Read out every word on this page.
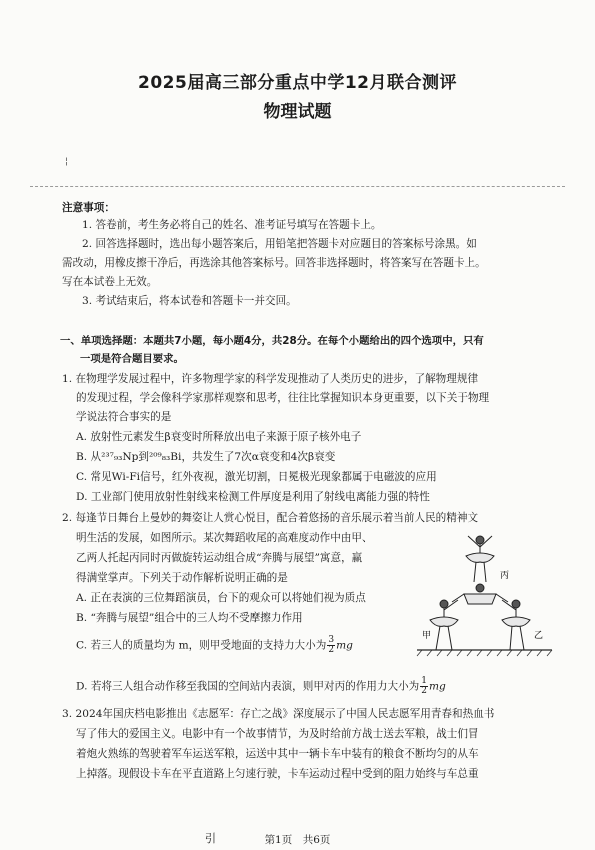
2025届高三部分重点中学12月联合测评
物理试题
¦
注意事项：
1. 答卷前，考生务必将自己的姓名、准考证号填写在答题卡上。
2. 回答选择题时，选出每小题答案后，用铅笔把答题卡对应题目的答案标号涂黑。如
需改动，用橡皮擦干净后，再选涂其他答案标号。回答非选择题时，将答案写在答题卡上。
写在本试卷上无效。
3. 考试结束后，将本试卷和答题卡一并交回。
一、单项选择题：本题共7小题，每小题4分，共28分。在每个小题给出的四个选项中，只有
一项是符合题目要求。
1. 在物理学发展过程中，许多物理学家的科学发现推动了人类历史的进步，了解物理规律
的发现过程，学会像科学家那样观察和思考，往往比掌握知识本身更重要，以下关于物理
学说法符合事实的是
A. 放射性元素发生β衰变时所释放出电子来源于原子核外电子
B. 从²³⁷₉₃Np到²⁰⁹₈₃Bi，共发生了7次α衰变和4次β衰变
C. 常见Wi-Fi信号，红外夜视，激光切割，日冕极光现象都属于电磁波的应用
D. 工业部门使用放射性射线来检测工件厚度是利用了射线电离能力强的特性
2. 每逢节日舞台上曼妙的舞姿让人赏心悦目，配合着悠扬的音乐展示着当前人民的精神文
明生活的发展，如图所示。某次舞蹈收尾的高难度动作中由甲、
乙两人托起丙同时丙做旋转运动组合成“奔腾与展望”寓意，赢
得满堂掌声。下列关于动作解析说明正确的是
A. 正在表演的三位舞蹈演员，台下的观众可以将她们视为质点
B. “奔腾与展望”组合中的三人均不受摩擦力作用
C. 若三人的质量均为 m，则甲受地面的支持力大小为 $\frac{3}{2}$ mg
D. 若将三人组合动作移至我国的空间站内表演，则甲对丙的作用力大小为 $\frac{1}{2}$ mg
丙
甲	乙
3. 2024年国庆档电影推出《志愿军：存亡之战》深度展示了中国人民志愿军用青春和热血书
写了伟大的爱国主义。电影中有一个故事情节，为及时给前方战士送去军粮，战士们冒
着炮火熟练的驾驶着军车运送军粮，运送中其中一辆卡车中装有的粮食不断均匀的从车
上掉落。现假设卡车在平直道路上匀速行驶，卡车运动过程中受到的阻力始终与车总重
引	第1页　共6页
